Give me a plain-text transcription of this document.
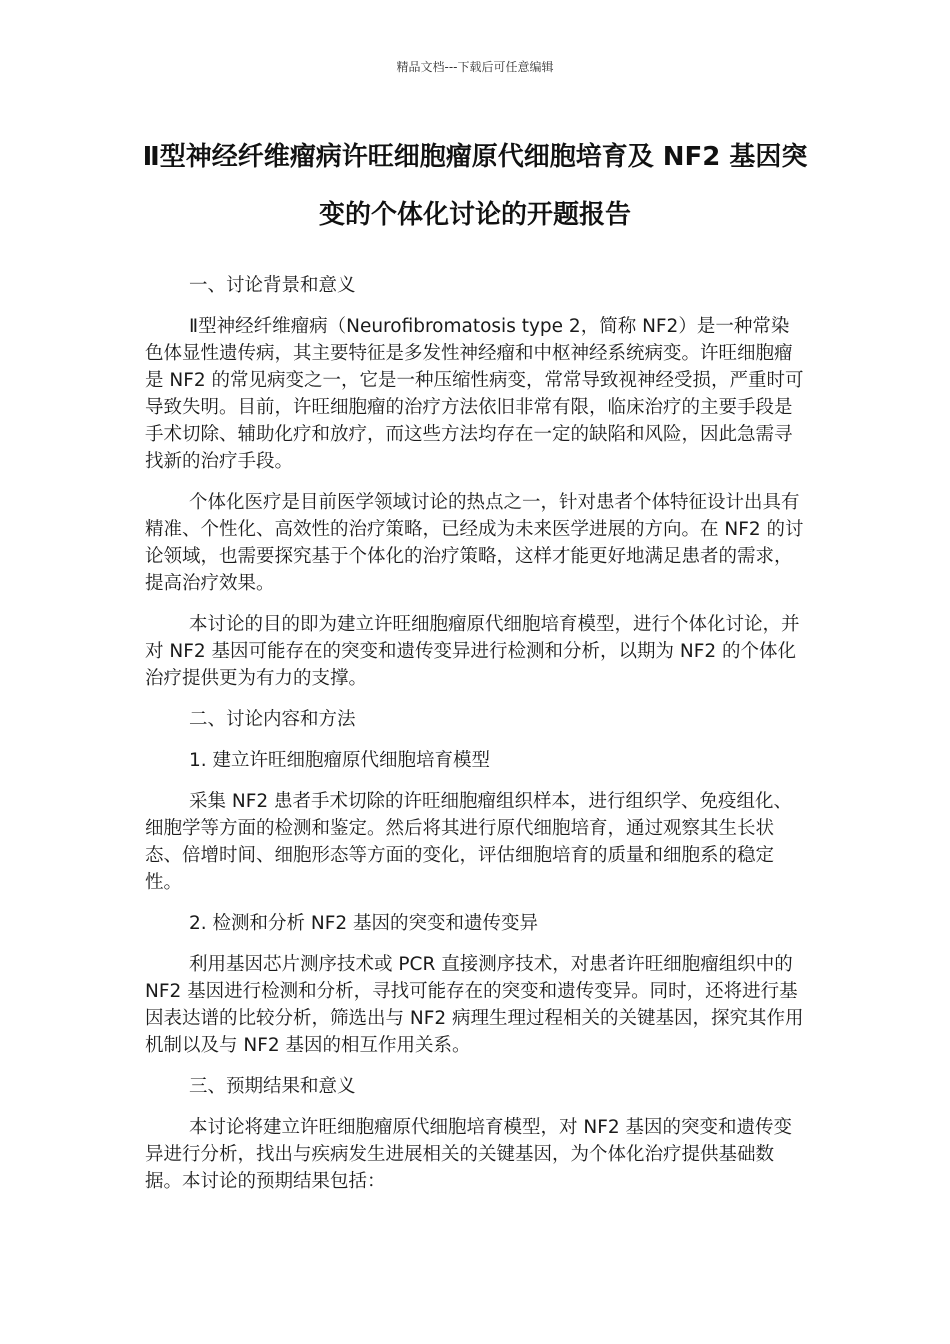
精品文档---下载后可任意编辑
Ⅱ型神经纤维瘤病许旺细胞瘤原代细胞培育及 NF2 基因突变的个体化讨论的开题报告

一、讨论背景和意义

Ⅱ型神经纤维瘤病（Neurofibromatosis type 2，简称 NF2）是一种常染色体显性遗传病，其主要特征是多发性神经瘤和中枢神经系统病变。许旺细胞瘤是 NF2 的常见病变之一，它是一种压缩性病变，常常导致视神经受损，严重时可导致失明。目前，许旺细胞瘤的治疗方法依旧非常有限，临床治疗的主要手段是手术切除、辅助化疗和放疗，而这些方法均存在一定的缺陷和风险，因此急需寻找新的治疗手段。

个体化医疗是目前医学领域讨论的热点之一，针对患者个体特征设计出具有精准、个性化、高效性的治疗策略，已经成为未来医学进展的方向。在 NF2 的讨论领域，也需要探究基于个体化的治疗策略，这样才能更好地满足患者的需求，提高治疗效果。

本讨论的目的即为建立许旺细胞瘤原代细胞培育模型，进行个体化讨论，并对 NF2 基因可能存在的突变和遗传变异进行检测和分析，以期为 NF2 的个体化治疗提供更为有力的支撑。

二、讨论内容和方法

1. 建立许旺细胞瘤原代细胞培育模型

采集 NF2 患者手术切除的许旺细胞瘤组织样本，进行组织学、免疫组化、细胞学等方面的检测和鉴定。然后将其进行原代细胞培育，通过观察其生长状态、倍增时间、细胞形态等方面的变化，评估细胞培育的质量和细胞系的稳定性。

2. 检测和分析 NF2 基因的突变和遗传变异

利用基因芯片测序技术或 PCR 直接测序技术，对患者许旺细胞瘤组织中的 NF2 基因进行检测和分析，寻找可能存在的突变和遗传变异。同时，还将进行基因表达谱的比较分析，筛选出与 NF2 病理生理过程相关的关键基因，探究其作用机制以及与 NF2 基因的相互作用关系。

三、预期结果和意义

本讨论将建立许旺细胞瘤原代细胞培育模型，对 NF2 基因的突变和遗传变异进行分析，找出与疾病发生进展相关的关键基因，为个体化治疗提供基础数据。本讨论的预期结果包括：
